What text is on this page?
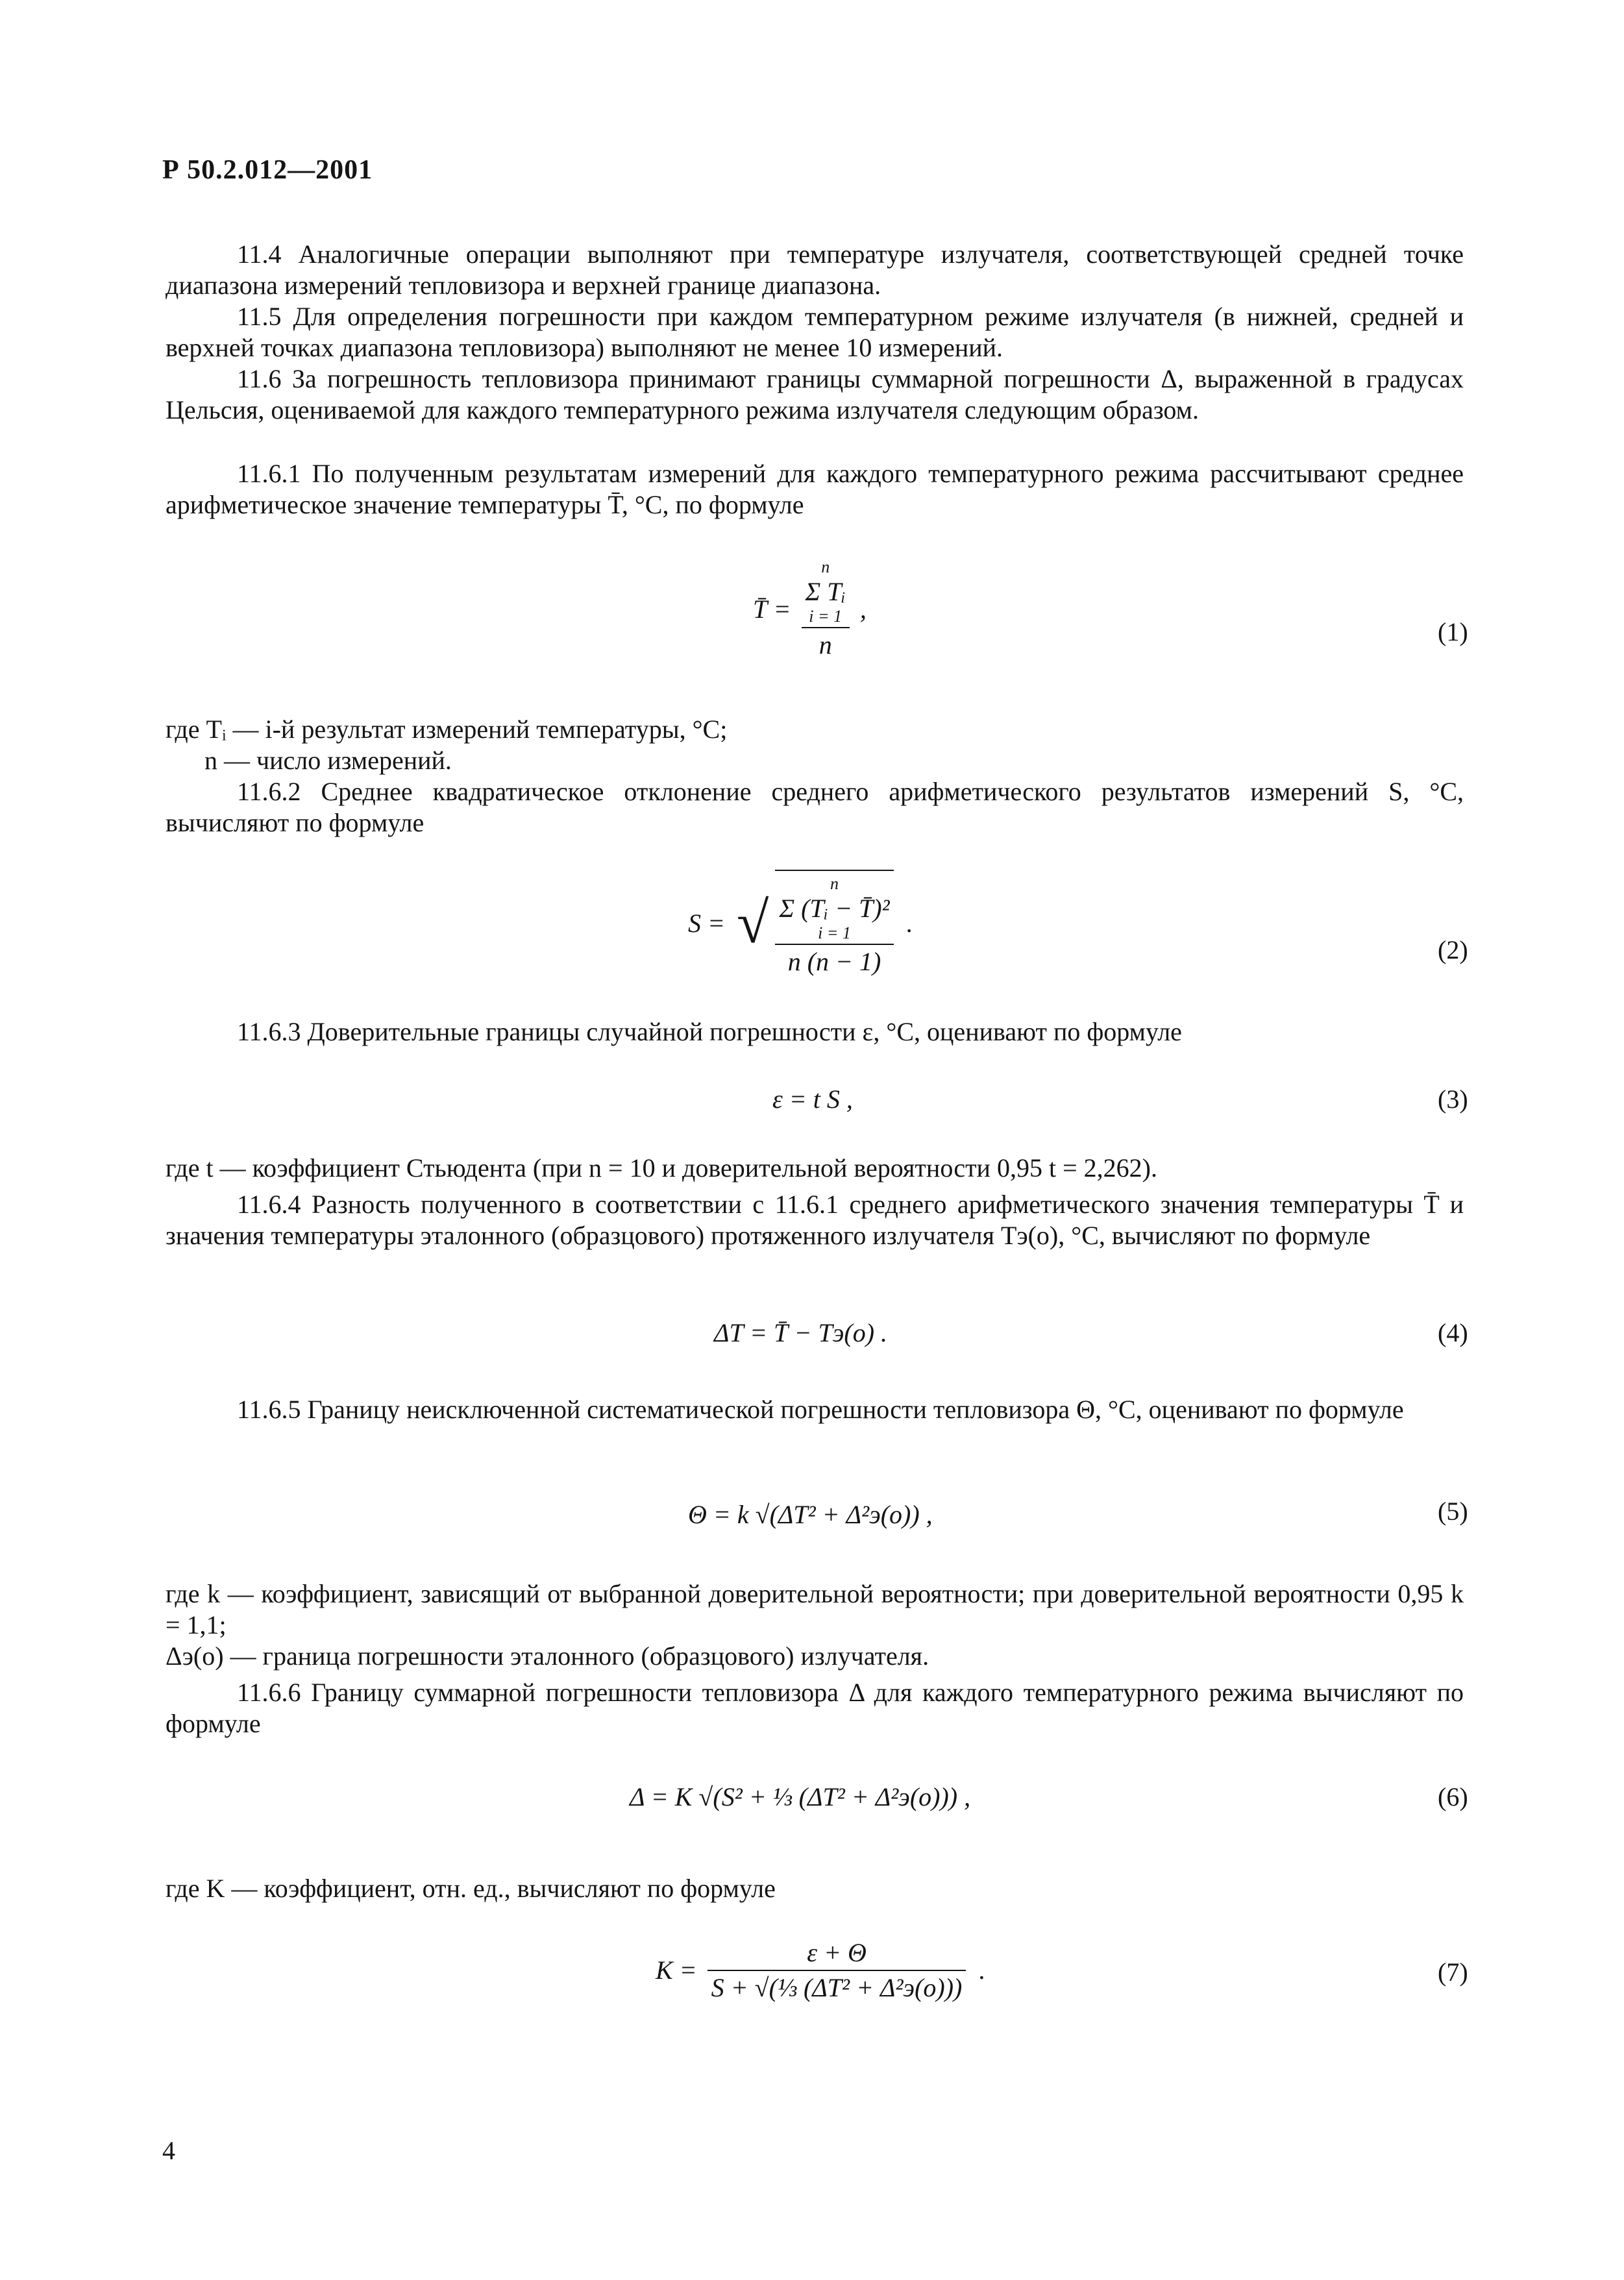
Р 50.2.012—2001
11.4 Аналогичные операции выполняют при температуре излучателя, соответствующей средней точке диапазона измерений тепловизора и верхней границе диапазона.
11.5 Для определения погрешности при каждом температурном режиме излучателя (в нижней, средней и верхней точках диапазона тепловизора) выполняют не менее 10 измерений.
11.6 За погрешность тепловизора принимают границы суммарной погрешности Δ, выраженной в градусах Цельсия, оцениваемой для каждого температурного режима излучателя следующим образом.
11.6.1 По полученным результатам измерений для каждого температурного режима рассчитывают среднее арифметическое значение температуры T̄, °C, по формуле
T̄ = n
Σ Tᵢ
i = 1
n ,
(1)
где Tᵢ — i-й результат измерений температуры, °С;
n — число измерений.
11.6.2 Среднее квадратическое отклонение среднего арифметического результатов измерений S, °С, вычисляют по формуле
S = √ n
Σ (Tᵢ − T̄)²
i = 1
n (n − 1) .
(2)
11.6.3 Доверительные границы случайной погрешности ε, °С, оценивают по формуле
ε = t S ,	(3)
где t — коэффициент Стьюдента (при n = 10 и доверительной вероятности 0,95 t = 2,262).
11.6.4 Разность полученного в соответствии с 11.6.1 среднего арифметического значения температуры T̄ и значения температуры эталонного (образцового) протяженного излучателя Tэ(о), °С, вычисляют по формуле
ΔT = T̄ − Tэ(о) .	(4)
11.6.5 Границу неисключенной систематической погрешности тепловизора Θ, °С, оценивают по формуле
Θ = k √(ΔT² + Δ²э(о)) ,	(5)
где k — коэффициент, зависящий от выбранной доверительной вероятности; при доверительной вероятности 0,95 k = 1,1;
Δэ(о) — граница погрешности эталонного (образцового) излучателя.
11.6.6 Границу суммарной погрешности тепловизора Δ для каждого температурного режима вычисляют по формуле
Δ = K √(S² + ⅓ (ΔT² + Δ²э(о))) ,	(6)
где K — коэффициент, отн. ед., вычисляют по формуле
$K = \frac{\varepsilon + \Theta}{\text{S + √(⅓ (ΔT² + Δ²э(о)))}}$ .	(7)
4
